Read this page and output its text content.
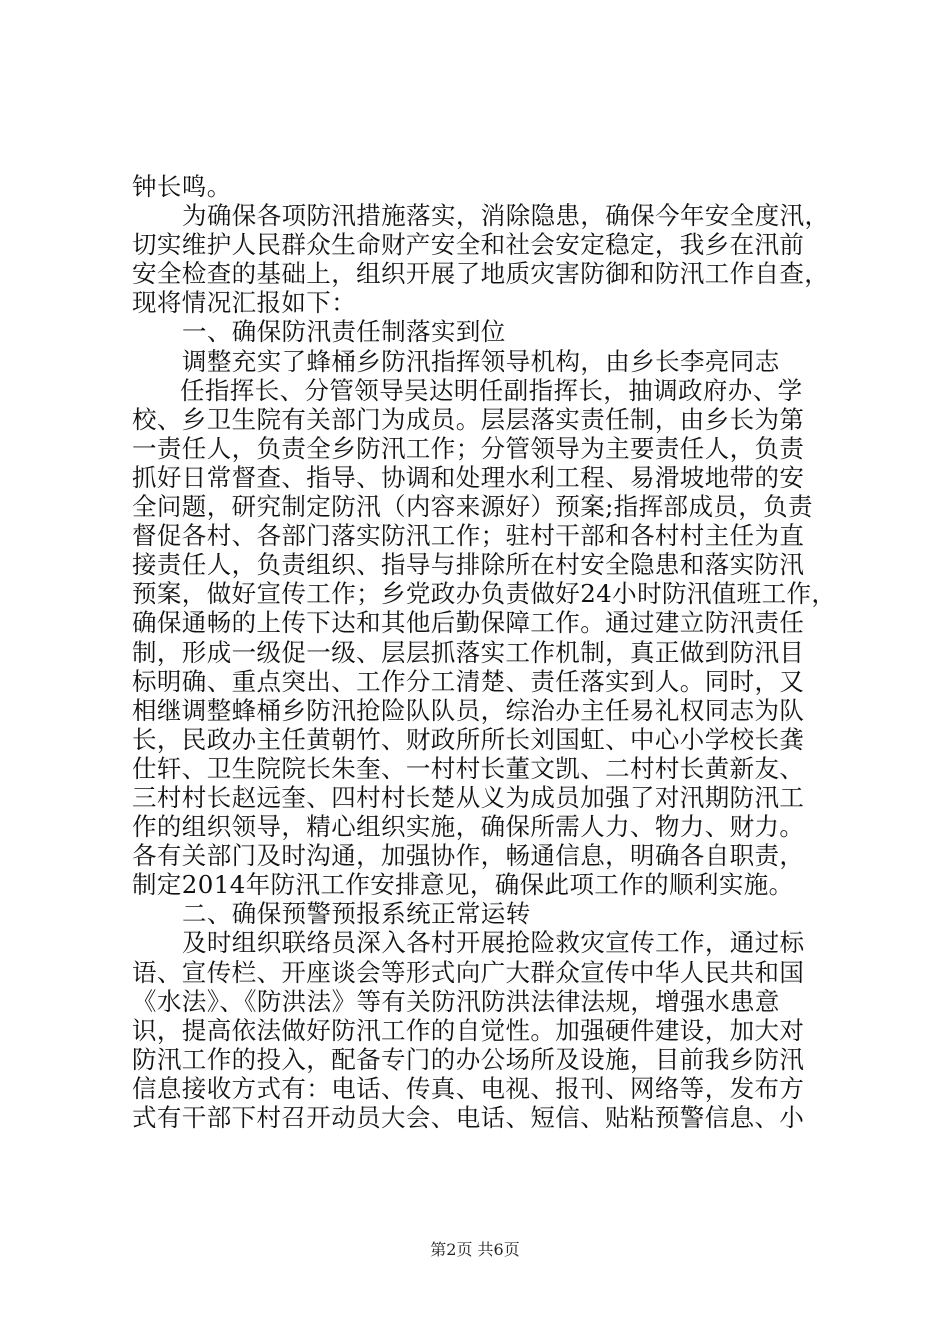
钟长鸣。
为确保各项防汛措施落实，消除隐患，确保今年安全度汛，
切实维护人民群众生命财产安全和社会安定稳定，我乡在汛前
安全检查的基础上，组织开展了地质灾害防御和防汛工作自查，
现将情况汇报如下：
一、确保防汛责任制落实到位
调整充实了蜂桶乡防汛指挥领导机构，由乡长李亮同志
任指挥长、分管领导吴达明任副指挥长，抽调政府办、学
校、乡卫生院有关部门为成员。层层落实责任制，由乡长为第
一责任人，负责全乡防汛工作；分管领导为主要责任人，负责
抓好日常督查、指导、协调和处理水利工程、易滑坡地带的安
全问题，研究制定防汛（内容来源好）预案;指挥部成员，负责
督促各村、各部门落实防汛工作；驻村干部和各村村主任为直
接责任人，负责组织、指导与排除所在村安全隐患和落实防汛
预案，做好宣传工作；乡党政办负责做好24小时防汛值班工作，
确保通畅的上传下达和其他后勤保障工作。通过建立防汛责任
制，形成一级促一级、层层抓落实工作机制，真正做到防汛目
标明确、重点突出、工作分工清楚、责任落实到人。同时，又
相继调整蜂桶乡防汛抢险队队员，综治办主任易礼权同志为队
长，民政办主任黄朝竹、财政所所长刘国虹、中心小学校长龚
仕轩、卫生院院长朱奎、一村村长董文凯、二村村长黄新友、
三村村长赵远奎、四村村长楚从义为成员加强了对汛期防汛工
作的组织领导，精心组织实施，确保所需人力、物力、财力。
各有关部门及时沟通，加强协作，畅通信息，明确各自职责，
制定2014年防汛工作安排意见，确保此项工作的顺利实施。
二、确保预警预报系统正常运转
及时组织联络员深入各村开展抢险救灾宣传工作，通过标
语、宣传栏、开座谈会等形式向广大群众宣传中华人民共和国
《水法》、《防洪法》等有关防汛防洪法律法规，增强水患意
识，提高依法做好防汛工作的自觉性。加强硬件建设，加大对
防汛工作的投入，配备专门的办公场所及设施，目前我乡防汛
信息接收方式有：电话、传真、电视、报刊、网络等，发布方
式有干部下村召开动员大会、电话、短信、贴粘预警信息、小
第2页 共6页
